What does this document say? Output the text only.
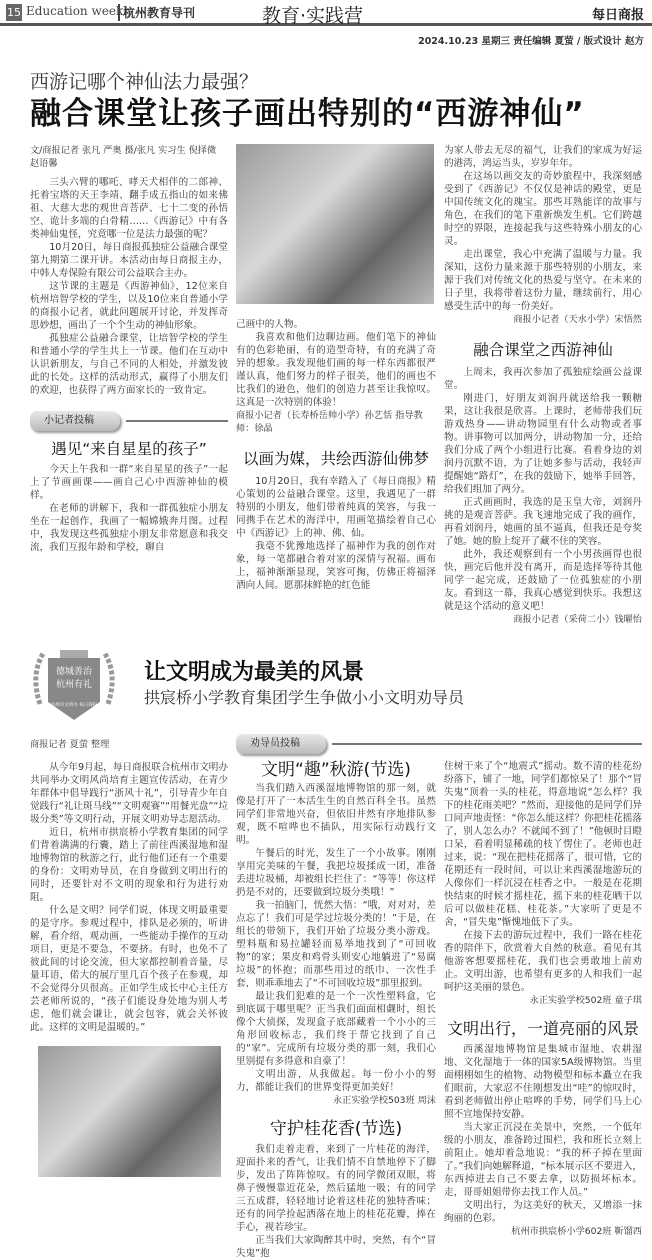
15 Education weekly
杭州教育导刊	教育·实践营	每日商报
2024.10.23 星期三 责任编辑 夏萤 / 版式设计 赵方
西游记哪个神仙法力最强？
融合课堂让孩子画出特别的“西游神仙”
文/商报记者 张凡 严奥 摄/张凡 实习生 倪择微 赵语馨

三头六臂的哪吒、哮天犬相伴的二郎神、托着宝塔的天王李靖、翻手成五指山的如来佛祖、大慈大悲的观世音菩萨、七十二变的孙悟空、诡计多端的白骨精……《西游记》中有各类神仙鬼怪，究竟哪一位是法力最强的呢？

10月20日，每日商报孤独症公益融合课堂第九期第二课开讲。本活动由每日商报主办，中韩人寿保险有限公司公益联合主办。

这节课的主题是《西游神仙》，12位来自杭州培智学校的学生，以及10位来自普通小学的商报小记者，就此问题展开讨论，并发挥奇思妙想，画出了一个个生动的神仙形象。

孤独症公益融合课堂，让培智学校的学生和普通小学的学生共上一节课。他们在互动中认识新朋友，与自己不同的人相处，并激发彼此的长处。这样的活动形式，赢得了小朋友们的欢迎，也获得了两方面家长的一致肯定。

小记者投稿
遇见“来自星星的孩子”

今天上午我和一群“来自星星的孩子”一起上了节画画课——画自己心中西游神仙的模样。

在老师的讲解下，我和一群孤独症小朋友坐在一起创作，我画了一幅嫦娥奔月图。过程中，我发现这些孤独症小朋友非常愿意和我交流，我们互报年龄和学校，聊自

己画中的人物。

我喜欢和他们边聊边画。他们笔下的神仙有的色彩艳丽，有的造型奇特，有的充满了奇异的想象。我发现他们画的每一样东西都很严谨认真，他们努力的样子很美，他们的画也不比我们的逊色，他们的创造力甚至让我惊叹。这真是一次特别的体验！

商报小记者（长寿桥岳帅小学）孙艺恬 指导教师：徐晶
以画为媒，共绘西游仙佛梦

10月20日，我有幸踏入了《每日商报》精心策划的公益融合课堂。这里，我遇见了一群特别的小朋友，他们带着纯真的笑容，与我一同携手在艺术的海洋中，用画笔描绘着自己心中《西游记》上的神、佛、仙。

我毫不犹豫地选择了福神作为我的创作对象，每一笔都融合着对家的深情与祝福。画布上，福神渐渐显现，笑容可掬，仿佛正将福泽洒向人间。愿那抹鲜艳的红色能

为家人带去无尽的福气，让我们的家成为好运的港湾，鸿运当头，岁岁年年。

在这场以画交友的奇妙旅程中，我深刻感受到了《西游记》不仅仅是神话的殿堂，更是中国传统文化的瑰宝。那些耳熟能详的故事与角色，在我们的笔下重新焕发生机。它们跨越时空的界限，连接起我与这些特殊小朋友的心灵。

走出课堂，我心中充满了温暖与力量。我深知，这份力量来源于那些特别的小朋友，来源于我们对传统文化的热爱与坚守。在未来的日子里，我将带着这份力量，继续前行，用心感受生活中的每一份美好。

商报小记者（天水小学）宋悟然
融合课堂之西游神仙

上周末，我再次参加了孤独症绘画公益课堂。

刚进门，好朋友刘润丹就送给我一颗糖果，这让我很是欣喜。上课时，老师带我们玩游戏热身——讲动物园里有什么动物或者事物。讲事物可以加两分，讲动物加一分，还给我们分成了两个小组进行比赛。看着身边的刘润丹沉默不语，为了让她多参与活动，我轻声提醒她“路灯”，在我的鼓励下，她举手回答，给我们组加了两分。

正式画画时，我选的是玉皇大帝，刘润丹挑的是观音菩萨。我飞速地完成了我的画作，再看刘润丹，她画的虽不逼真，但我还是夸奖了她。她的脸上绽开了藏不住的笑容。

此外，我还观察到有一个小男孩画得也很快，画完后他并没有离开，而是选择等待其他同学一起完成，还鼓励了一位孤独症的小朋友。看到这一幕，我真心感觉到快乐。我想这就是这个活动的意义吧！

商报小记者（采荷二小）钱曜怡
德城善治
杭州有礼
杭州市文明办 每日商报
让文明成为最美的风景
拱宸桥小学教育集团学生争做小小文明劝导员
商报记者 夏萤 整理

从今年9月起，每日商报联合杭州市文明办共同举办文明风尚培育主题宣传活动，在青少年群体中倡导践行“浙风十礼”，引导青少年自觉践行“礼让斑马线”“文明观赛”“用餐光盘”“垃圾分类”等文明行动，开展文明劝导志愿活动。

近日，杭州市拱宸桥小学教育集团的同学们背着满满的行囊，踏上了前往西溪湿地和湿地博物馆的秋游之行，此行他们还有一个重要的身份：文明劝导员，在自身做到文明出行的同时，还要针对不文明的现象和行为进行劝阻。

什么是文明？同学们说，体现文明最重要的是守序。参观过程中，排队是必须的，听讲解，看介绍，观动画，一些能动手操作的互动项目，更是不要急，不要挤。有时，也免不了彼此间的讨论交流，但大家都控制着音量，尽量耳语，偌大的展厅里几百个孩子在参观，却不会觉得分贝很高。正如学生成长中心主任方芸老师所说的，“孩子们能设身处地为别人考虑，他们就会谦让，就会包容，就会关怀彼此。这样的文明是温暖的。”

劝导员投稿
文明“趣”秋游(节选)

当我们踏入西溪湿地博物馆的那一刻，就像是打开了一本活生生的自然百科全书。虽然同学们非常地兴奋，但依旧井然有序地排队参观，既不喧哗也不插队，用实际行动践行文明。

午餐后的时光，发生了一个小故事。刚刚享用完美味的午餐，我把垃圾揉成一团，准备丢进垃圾桶，却被组长拦住了：“等等！你这样扔是不对的，还要做到垃圾分类哦！”

我一拍脑门，恍然大悟：“哦，对对对，差点忘了！我们可是学过垃圾分类的！”于是，在组长的带领下，我们开始了垃圾分类小游戏。塑料瓶和易拉罐轻而易举地找到了“可回收物”的家；果皮和鸡骨头则安心地躺进了“易腐垃圾”的怀抱；而那些用过的纸巾、一次性手套，则乖乖地去了“不可回收垃圾”那里报到。

最让我们犯难的是一个一次性塑料盒，它到底属于哪里呢？正当我们面面相觑时，组长像个大侦探，发现盒子底部藏着一个小小的三角形回收标志，我们终于帮它找到了自己的“家”。完成所有垃圾分类的那一刻，我们心里别提有多得意和自豪了！

文明出游，从我做起。每一份小小的努力，都能让我们的世界变得更加美好！

永正实验学校503班 周沫
守护桂花香(节选)

我们走着走着，来到了一片桂花的海洋，迎面扑来的香气，让我们情不自禁地停下了脚步，发出了阵阵惊叹。有的同学微闭双眼，将鼻子慢慢靠近花朵，然后猛地一吸；有的同学三五成群，轻轻地讨论着这桂花的独特香味；还有的同学捡起洒落在地上的桂花花瓣，捧在手心，视若珍宝。

正当我们大家陶醉其中时，突然，有个“冒失鬼”抱

住树干来了个“地震式”摇动。数不清的桂花纷纷落下，铺了一地，同学们都惊呆了！那个“冒失鬼”顶着一头的桂花，得意地说“怎么样？我下的桂花雨美吧？”然而，迎接他的是同学们异口同声地责怪：“你怎么能这样？你把桂花摇落了，别人怎么办？不就闻不到了！”他顿时目瞪口呆，看着明显稀疏的枝丫愣住了。老师也赶过来，说：“现在把桂花摇落了，很可惜，它的花期还有一段时间，可以让来西溪湿地游玩的人像你们一样沉浸在桂香之中。一般是在花期快结束的时候才摇桂花，摇下来的桂花晒干以后可以做桂花糕、桂花茶。”大家听了更是不舍，“冒失鬼”惭愧地低下了头。

在接下去的游玩过程中，我们一路在桂花香的陪伴下，欣赏着大自然的秋意。看见有其他游客想要摇桂花，我们也会勇敢地上前劝止。文明出游，也希望有更多的人和我们一起呵护这美丽的景色。

永正实验学校502班 童子琪
文明出行，一道亮丽的风景

西溪湿地博物馆是集城市湿地、农耕湿地、文化湿地于一体的国家5A级博物馆。当里面栩栩如生的植物、动物模型和标本矗立在我们眼前，大家忍不住刚想发出“哇”的惊叹时，看到老师做出停止喧哗的手势，同学们马上心照不宣地保持安静。

当大家正沉浸在美景中，突然，一个低年级的小朋友，准备跨过围栏，我和班长立刻上前阻止。她却着急地说：“我的杯子掉在里面了。”我们向她解释道，“标本展示区不要进入，东西掉进去自己不要去拿，以防损坏标本。走，哥哥姐姐带你去找工作人员。”

文明出行，为这美好的秋天，又增添一抹绚丽的色彩。

杭州市拱宸桥小学602班 靳馏西
